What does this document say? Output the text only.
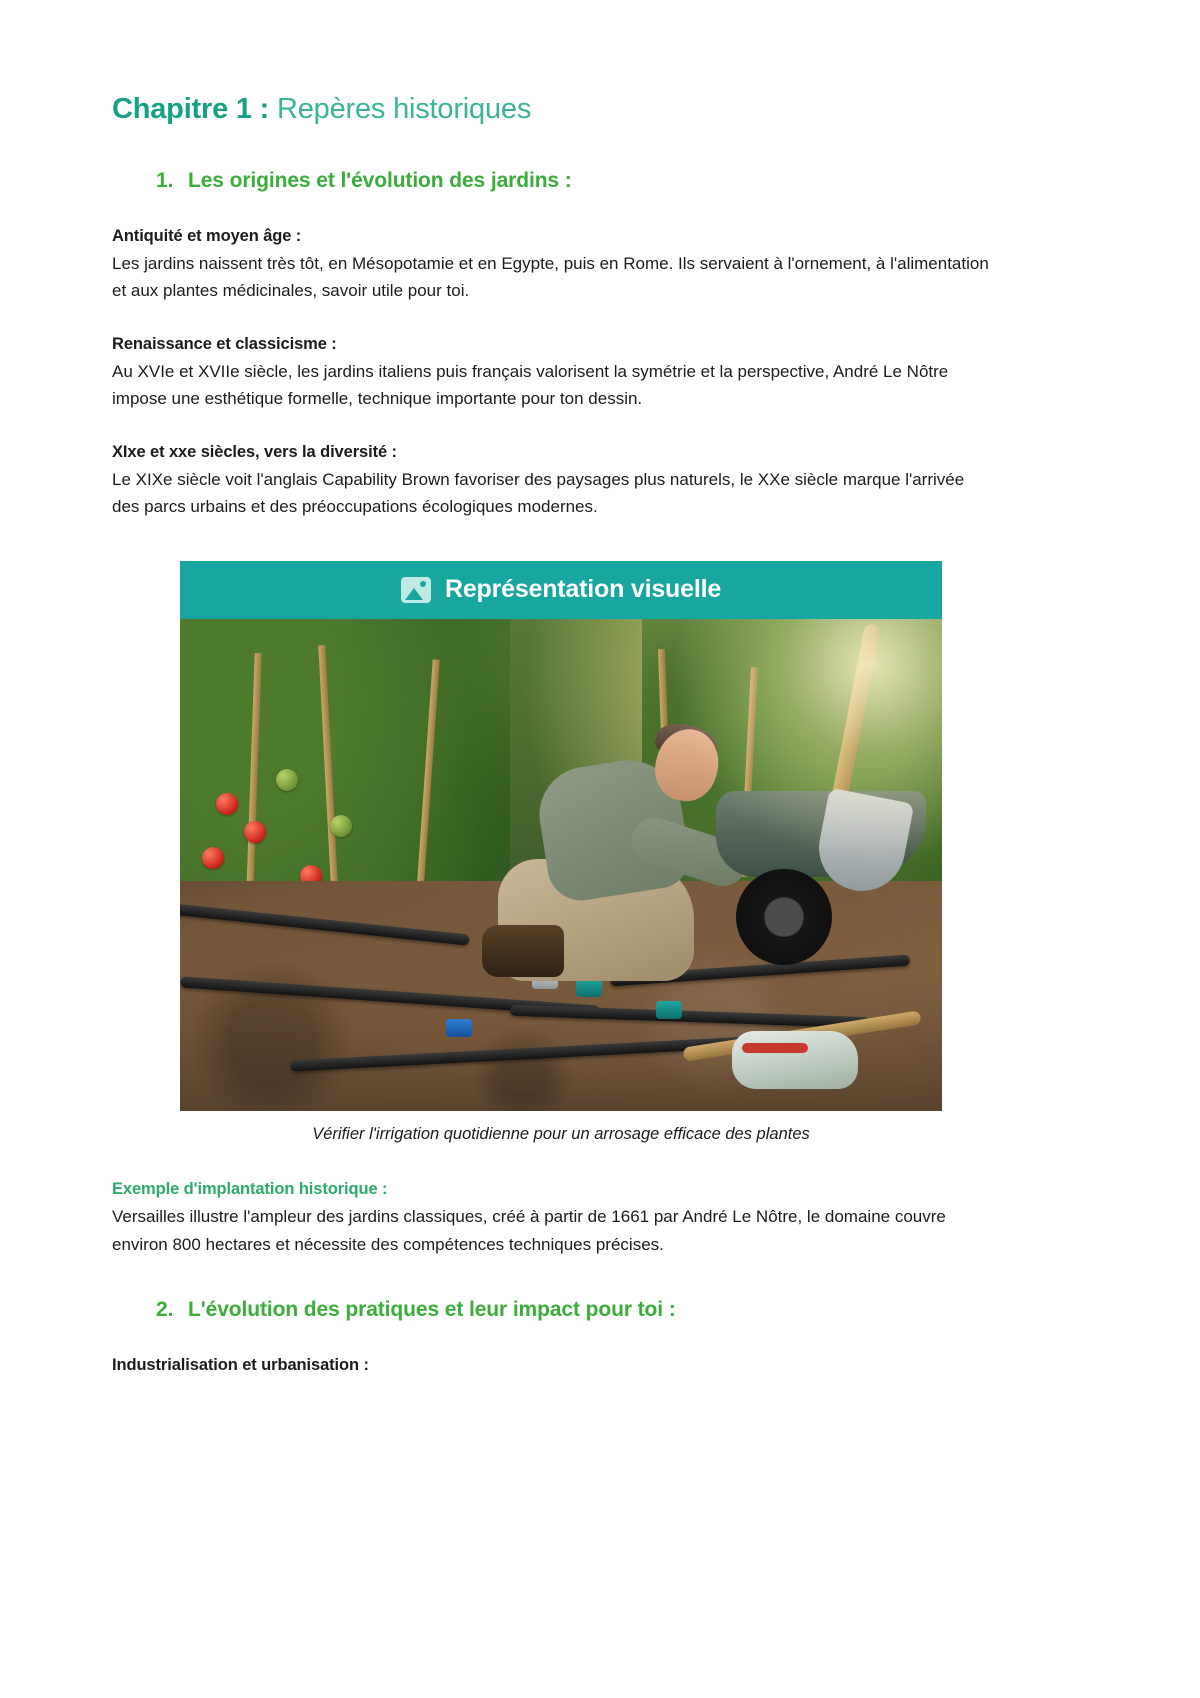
Chapitre 1 : Repères historiques
1. Les origines et l'évolution des jardins :
Antiquité et moyen âge :

Les jardins naissent très tôt, en Mésopotamie et en Egypte, puis en Rome. Ils servaient à l'ornement, à l'alimentation et aux plantes médicinales, savoir utile pour toi.

Renaissance et classicisme :

Au XVIe et XVIIe siècle, les jardins italiens puis français valorisent la symétrie et la perspective, André Le Nôtre impose une esthétique formelle, technique importante pour ton dessin.

XIxe et xxe siècles, vers la diversité :

Le XIXe siècle voit l'anglais Capability Brown favoriser des paysages plus naturels, le XXe siècle marque l'arrivée des parcs urbains et des préoccupations écologiques modernes.

Représentation visuelle
Vérifier l'irrigation quotidienne pour un arrosage efficace des plantes
Exemple d'implantation historique :

Versailles illustre l'ampleur des jardins classiques, créé à partir de 1661 par André Le Nôtre, le domaine couvre environ 800 hectares et nécessite des compétences techniques précises.

2. L'évolution des pratiques et leur impact pour toi :
Industrialisation et urbanisation :
